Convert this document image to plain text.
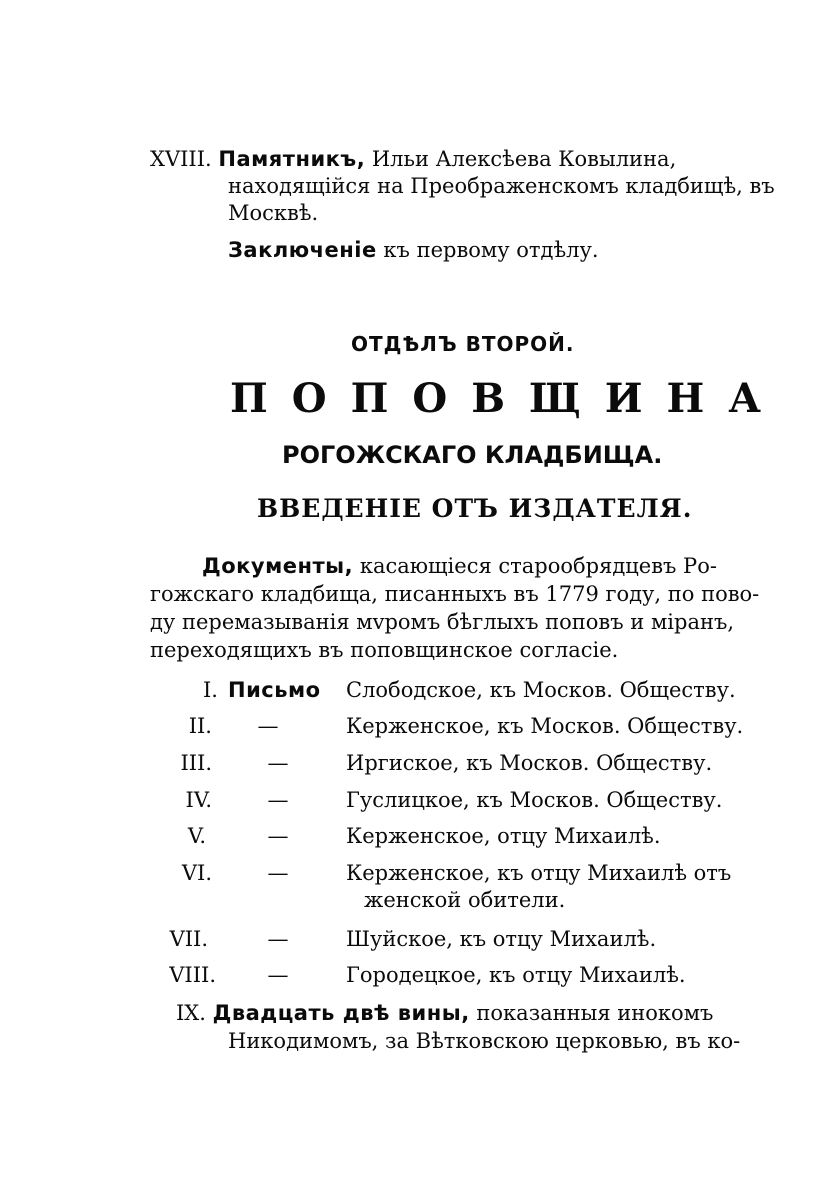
XVIII. Памятникъ, Ильи Алексѣева Ковылина,
находящійся на Преображенскомъ кладбищѣ, въ
Москвѣ.
Заключеніе къ первому отдѣлу.
ОТДѢЛЪ ВТОРОЙ.
ПОПОВЩИНА
РОГОЖСКАГО КЛАДБИЩА.
ВВЕДЕНІЕ ОТЪ ИЗДАТЕЛЯ.
Документы, касающіеся старообрядцевъ Ро-
гожскаго кладбища, писанныхъ въ 1779 году, по пово-
ду перемазыванія мvромъ бѣглыхъ поповъ и міранъ,
переходящихъ въ поповщинское согласіе.
I. Письмо Слободское, къ Москов. Обществу.
II.	—	Керженское, къ Москов. Обществу.
III.	—	Иргиское, къ Москов. Обществу.
IV.	—	Гуслицкое, къ Москов. Обществу.
V.	—	Керженское, отцу Михаилѣ.
VI.	—	Керженское, къ отцу Михаилѣ отъ
женской обители.
VII.	—	Шуйское, къ отцу Михаилѣ.
VIII.	—	Городецкое, къ отцу Михаилѣ.
IX. Двадцать двѣ вины, показанныя инокомъ
Никодимомъ, за Вѣтковскою церковью, въ ко-
